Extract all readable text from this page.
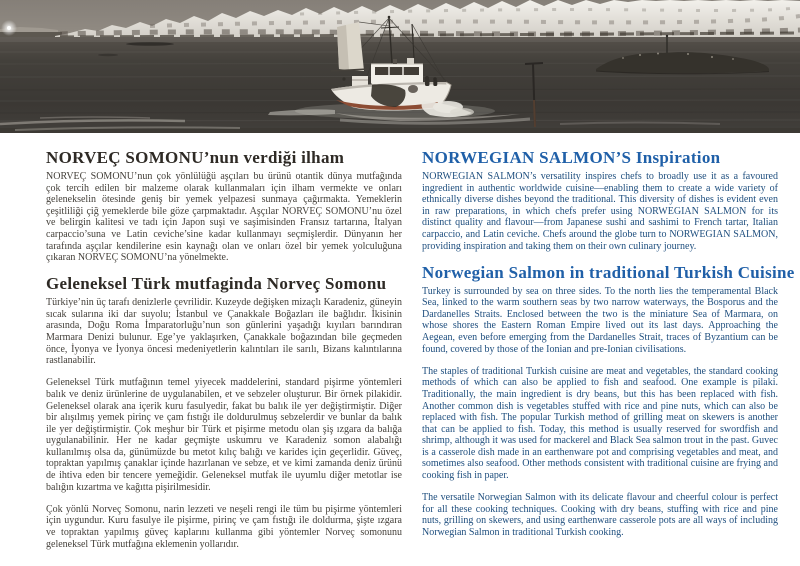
NORVEÇ SOMONU’nun verdiği ilham

NORVEÇ SOMONU’nun çok yönlülüğü aşçıları bu ürünü otantik dünya mutfağında çok tercih edilen bir malzeme olarak kullanmaları için ilham vermekte ve onları gelenekselin ötesinde geniş bir yemek yelpazesi sunmaya çağırmakta. Yemeklerin çeşitliliği çiğ yemeklerde bile göze çarpmaktadır. Aşçılar NORVEÇ SOMONU’nu özel ve belirgin kalitesi ve tadı için Japon suşi ve saşimisinden Fransız tartarına, İtalyan carpaccio’suna ve Latin ceviche’sine kadar kullanmayı seçmişlerdir. Dünyanın her tarafında aşçılar kendilerine esin kaynağı olan ve onları özel bir yemek yolculuğuna çıkaran NORVEÇ SOMONU’na yönelmekte.

Geleneksel Türk mutfaginda Norveç Somonu

Türkiye’nin üç tarafı denizlerle çevrilidir. Kuzeyde değişken mizaçlı Karadeniz, güneyin sıcak sularına iki dar suyolu; İstanbul ve Çanakkale Boğazları ile bağlıdır. İkisinin arasında, Doğu Roma İmparatorluğu’nun son günlerini yaşadığı kıyıları barındıran Marmara Denizi bulunur. Ege’ye yaklaşırken, Çanakkale boğazından bile geçmeden önce, İyonya ve İyonya öncesi medeniyetlerin kalıntıları ile sarılı, Bizans kalıntılarına rastlanabilir.

Geleneksel Türk mutfağının temel yiyecek maddelerini, standard pişirme yöntemleri balık ve deniz ürünlerine de uygulanabilen, et ve sebzeler oluşturur. Bir örnek pilakidir. Geleneksel olarak ana içerik kuru fasulyedir, fakat bu balık ile yer değiştirmiştir. Diğer bir alışılmış yemek pirinç ve çam fıstığı ile doldurulmuş sebzelerdir ve bunlar da balık ile yer değiştirmiştir. Çok meşhur bir Türk et pişirme metodu olan şiş ızgara da balığa uygulanabilinir. Her ne kadar geçmişte uskumru ve Karadeniz somon alabalığı kullanılmış olsa da, günümüzde bu metot kılıç balığı ve karides için geçerlidir. Güveç, topraktan yapılmış çanaklar içinde hazırlanan ve sebze, et ve kimi zamanda deniz ürünü de ihtiva eden bir tencere yemeğidir. Geleneksel mutfak ile uyumlu diğer metotlar ise balığın kızartma ve kağıtta pişirilmesidir.

Çok yönlü Norveç Somonu, narin lezzeti ve neşeli rengi ile tüm bu pişirme yöntemleri için uygundur. Kuru fasulye ile pişirme, pirinç ve çam fıstığı ile doldurma, şişte ızgara ve topraktan yapılmış güveç kaplarını kullanma gibi yöntemler Norveç somonunu geleneksel Türk mutfağına eklemenin yollarıdır.

NORWEGIAN SALMON’S Inspiration

NORWEGIAN SALMON’s versatility inspires chefs to broadly use it as a favoured ingredient in authentic worldwide cuisine—enabling them to create a wide variety of ethnically diverse dishes beyond the traditional. This diversity of dishes is evident even in raw preparations, in which chefs prefer using NORWEGIAN SALMON for its distinct quality and flavour—from Japanese sushi and sashimi to French tartar, Italian carpaccio, and Latin ceviche. Chefs around the globe turn to NORWEGIAN SALMON, providing inspiration and taking them on their own culinary journey.

Norwegian Salmon in traditional Turkish Cuisine

Turkey is surrounded by sea on three sides. To the north lies the temperamental Black Sea, linked to the warm southern seas by two narrow waterways, the Bosporus and the Dardanelles Straits. Enclosed between the two is the miniature Sea of Marmara, on whose shores the Eastern Roman Empire lived out its last days. Approaching the Aegean, even before emerging from the Dardanelles Strait, traces of Byzantium can be found, covered by those of the Ionian and pre-Ionian civilisations.

The staples of traditional Turkish cuisine are meat and vegetables, the standard cooking methods of which can also be applied to fish and seafood. One example is pilaki. Traditionally, the main ingredient is dry beans, but this has been replaced with fish. Another common dish is vegetables stuffed with rice and pine nuts, which can also be replaced with fish. The popular Turkish method of grilling meat on skewers is another that can be applied to fish. Today, this method is usually reserved for swordfish and shrimp, although it was used for mackerel and Black Sea salmon trout in the past. Guvec is a casserole dish made in an earthenware pot and comprising vegetables and meat, and sometimes also seafood. Other methods consistent with traditional cuisine are frying and cooking fish in paper.

The versatile Norwegian Salmon with its delicate flavour and cheerful colour is perfect for all these cooking techniques. Cooking with dry beans, stuffing with rice and pine nuts, grilling on skewers, and using earthenware casserole pots are all ways of including Norwegian Salmon in traditional Turkish cooking.
